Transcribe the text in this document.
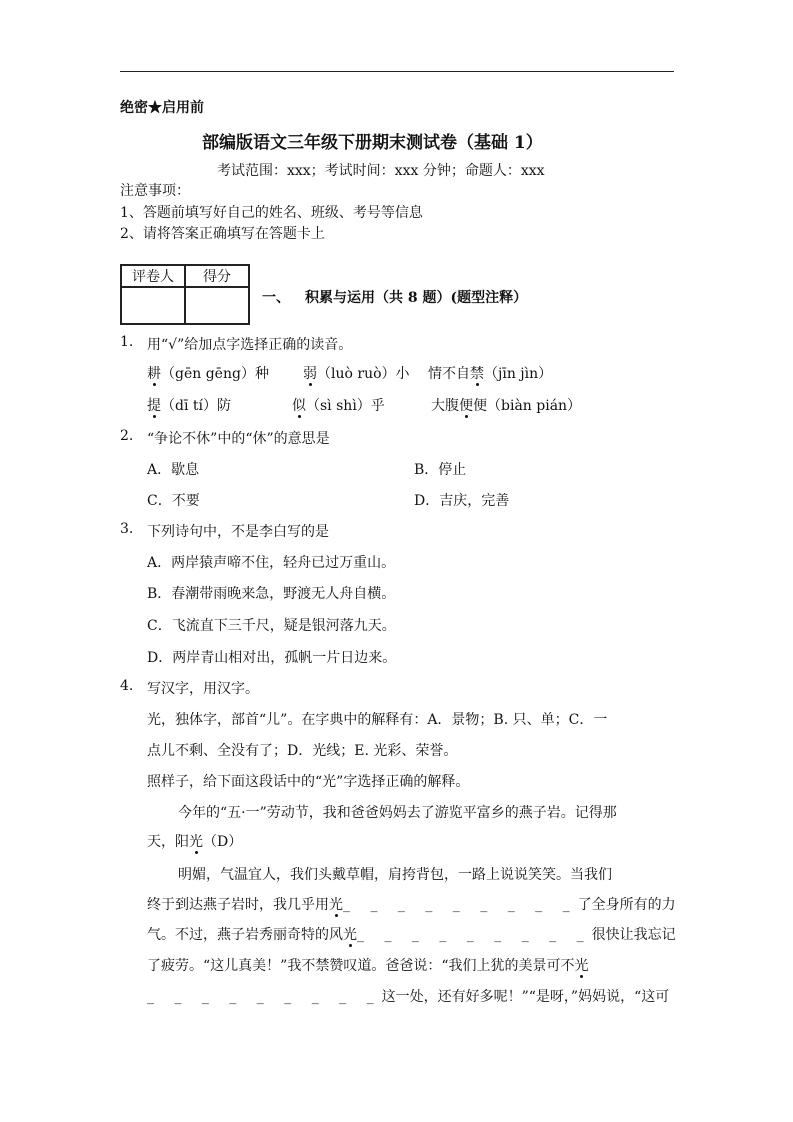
绝密★启用前
部编版语文三年级下册期末测试卷（基础 1）
考试范围：xxx；考试时间：xxx 分钟；命题人：xxx
注意事项：
1、答题前填写好自己的姓名、班级、考号等信息
2、请将答案正确填写在答题卡上
评卷人	得分

一、 积累与运用（共 8 题）(题型注释）
1. 用“√”给加点字选择正确的读音。
耕（gēn gēng）种 弱（luò ruò）小 情不自禁（jīn jìn）
提（dī tí）防	似（sì shì）乎	大腹便便（biàn pián）
2. “争论不休”中的“休”的意思是
A．歇息	B．停止
C．不要	D．吉庆，完善
3. 下列诗句中，不是李白写的是
A．两岸猿声啼不住，轻舟已过万重山。
B．春潮带雨晚来急，野渡无人舟自横。
C．飞流直下三千尺，疑是银河落九天。
D．两岸青山相对出，孤帆一片日边来。
4. 写汉字，用汉字。
光，独体字，部首“儿”。在字典中的解释有：A．景物；B. 只、单；C．一
点儿不剩、全没有了；D．光线；E. 光彩、荣誉。
照样子，给下面这段话中的“光”字选择正确的解释。
今年的“五·一”劳动节，我和爸爸妈妈去了游览平富乡的燕子岩。记得那
天，阳光（D）
明媚，气温宜人，我们头戴草帽，肩挎背包，一路上说说笑笑。当我们
终于到达燕子岩时，我几乎用光_ _ _ _ _ _ _ _ _了全身所有的力
气。不过，燕子岩秀丽奇特的风光_ _ _ _ _ _ _ _ _很快让我忘记
了疲劳。“这儿真美！”我不禁赞叹道。爸爸说：“我们上犹的美景可不光
_ _ _ _ _ _ _ _ _这一处，还有好多呢！”“是呀，”妈妈说，“这可
